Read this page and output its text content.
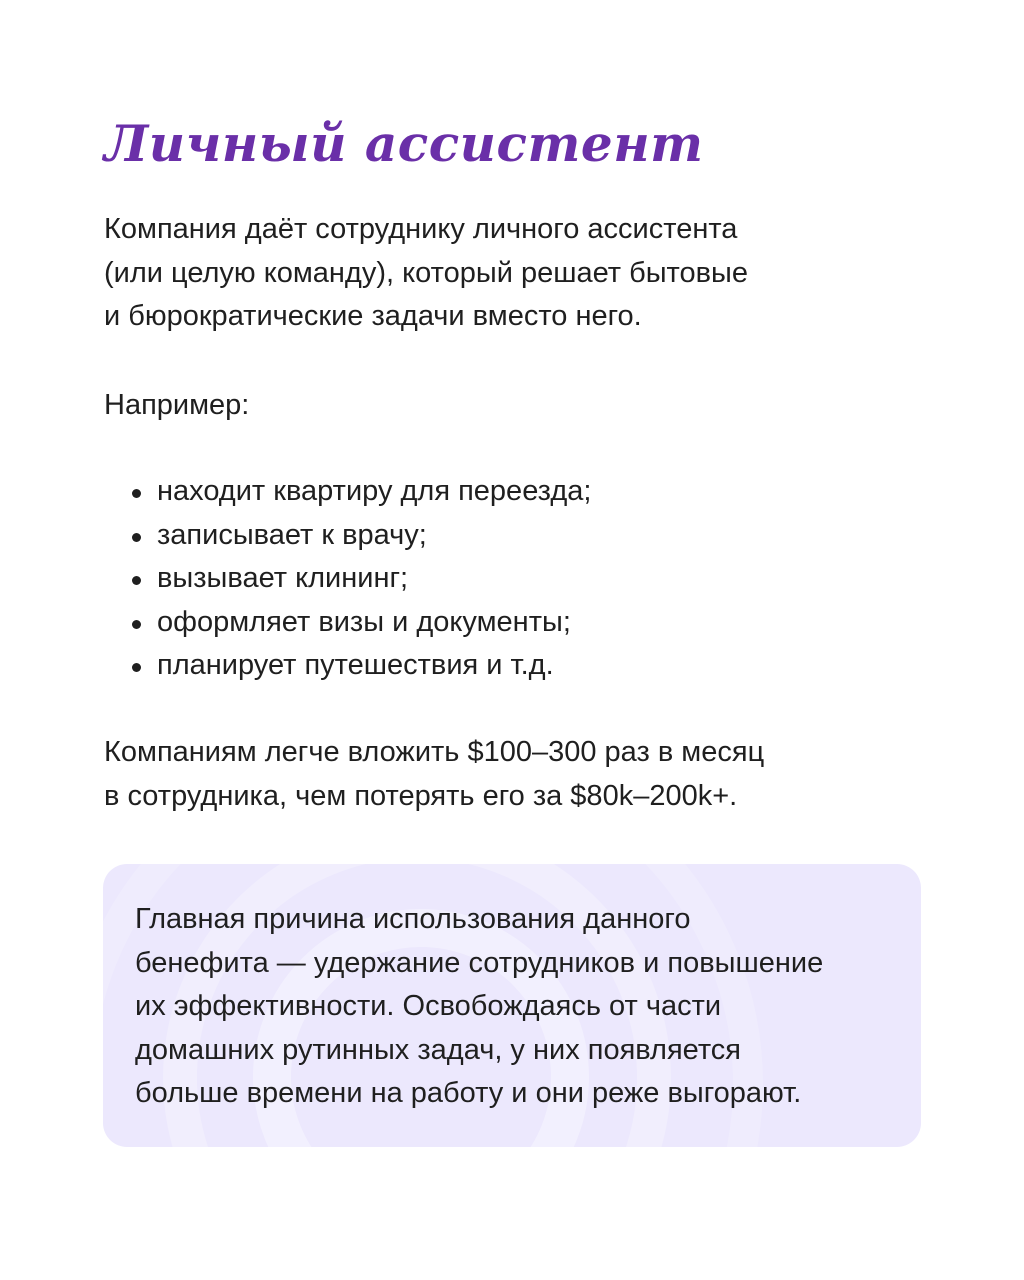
Личный ассистент

Компания даёт сотруднику личного ассистента
(или целую команду), который решает бытовые
и бюрократические задачи вместо него.

Например:

находит квартиру для переезда;
записывает к врачу;
вызывает клининг;
оформляет визы и документы;
планирует путешествия и т.д.

Компаниям легче вложить $100–300 раз в месяц
в сотрудника, чем потерять его за $80k–200k+.

Главная причина использования данного
бенефита — удержание сотрудников и повышение
их эффективности. Освобождаясь от части
домашних рутинных задач, у них появляется
больше времени на работу и они реже выгорают.
